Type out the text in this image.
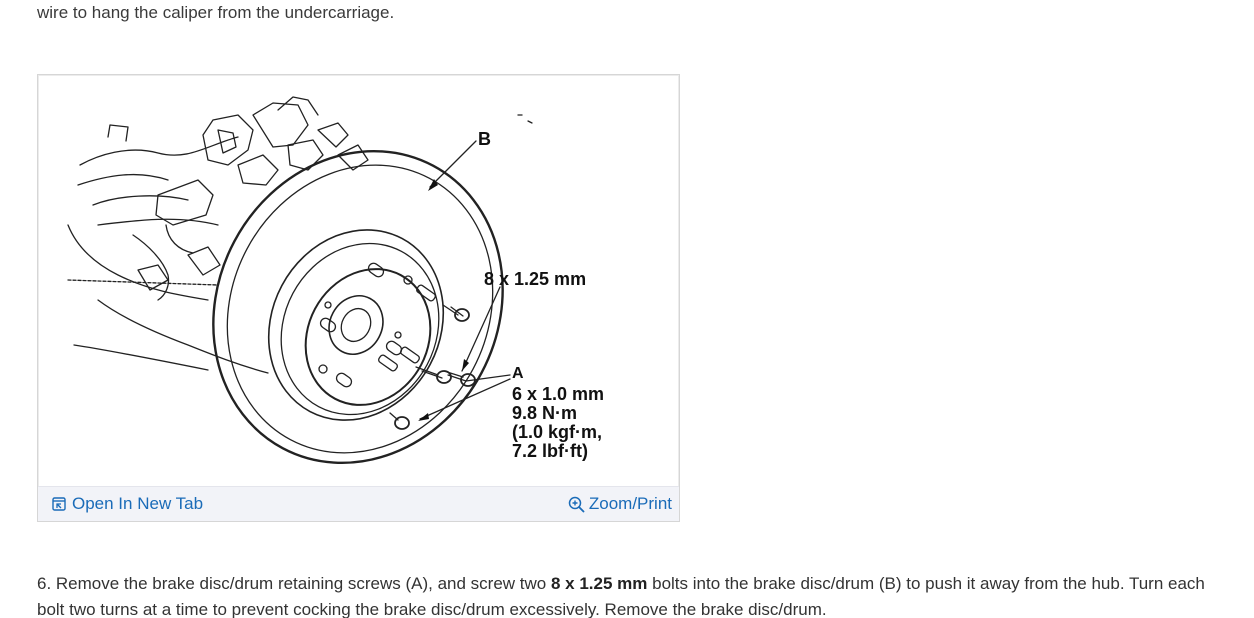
wire to hang the caliper from the undercarriage.
B
8 x 1.25 mm
A
6 x 1.0 mm
9.8 N·m
(1.0 kgf·m,
7.2 lbf·ft)
Open In New Tab	Zoom/Print
6. Remove the brake disc/drum retaining screws (A), and screw two 8 x 1.25 mm bolts into the brake disc/drum (B) to push it away from the hub. Turn each bolt two turns at a time to prevent cocking the brake disc/drum excessively. Remove the brake disc/drum.
